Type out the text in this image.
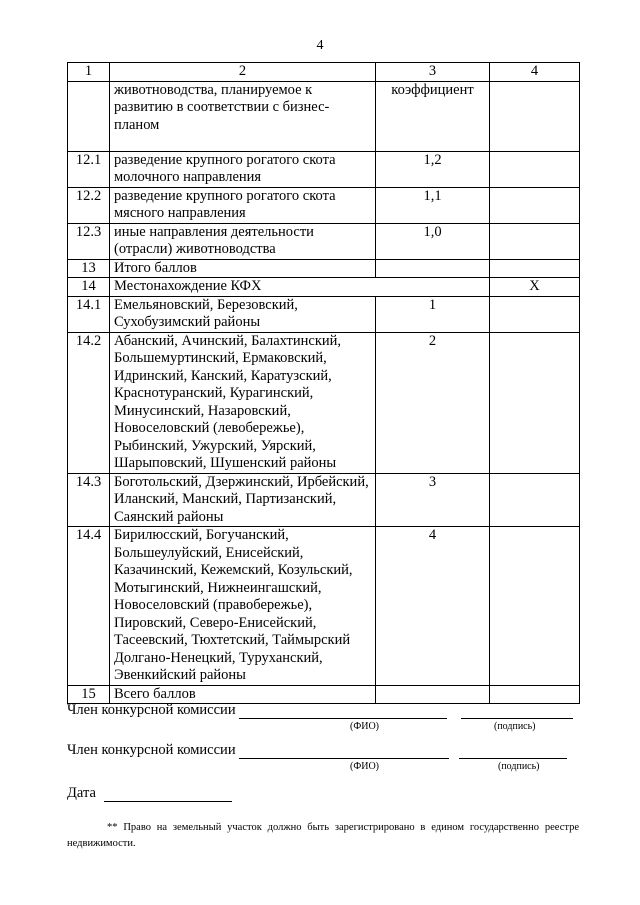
4
1	2	3	4
	животноводства, планируемое к развитию в соответствии с бизнес-планом	коэффициент	
12.1	разведение крупного рогатого скота молочного направления	1,2	
12.2	разведение крупного рогатого скота мясного направления	1,1	
12.3	иные направления деятельности (отрасли) животноводства	1,0	
13	Итого баллов		
14	Местонахождение КФХ		Х
14.1	Емельяновский, Березовский, Сухобузимский районы	1	
14.2	Абанский, Ачинский, Балахтинский, Большемуртинский, Ермаковский, Идринский, Канский, Каратузский, Краснотуранский, Курагинский, Минусинский, Назаровский, Новоселовский (левобережье), Рыбинский, Ужурский, Уярский, Шарыповский, Шушенский районы	2	
14.3	Боготольский, Дзержинский, Ирбейский, Иланский, Манский, Партизанский, Саянский районы	3	
14.4	Бирилюсский, Богучанский, Большеулуйский, Енисейский, Казачинский, Кежемский, Козульский, Мотыгинский, Нижнеингашский, Новоселовский (правобережье), Пировский, Северо-Енисейский, Тасеевский, Тюхтетский, Таймырский Долгано-Ненецкий, Туруханский, Эвенкийский районы	4	
15	Всего баллов		
Член конкурсной комиссии
(ФИО)	(подпись)
Член конкурсной комиссии
(ФИО)	(подпись)
Дата
** Право на земельный участок должно быть зарегистрировано в едином государственно реестре недвижимости.
